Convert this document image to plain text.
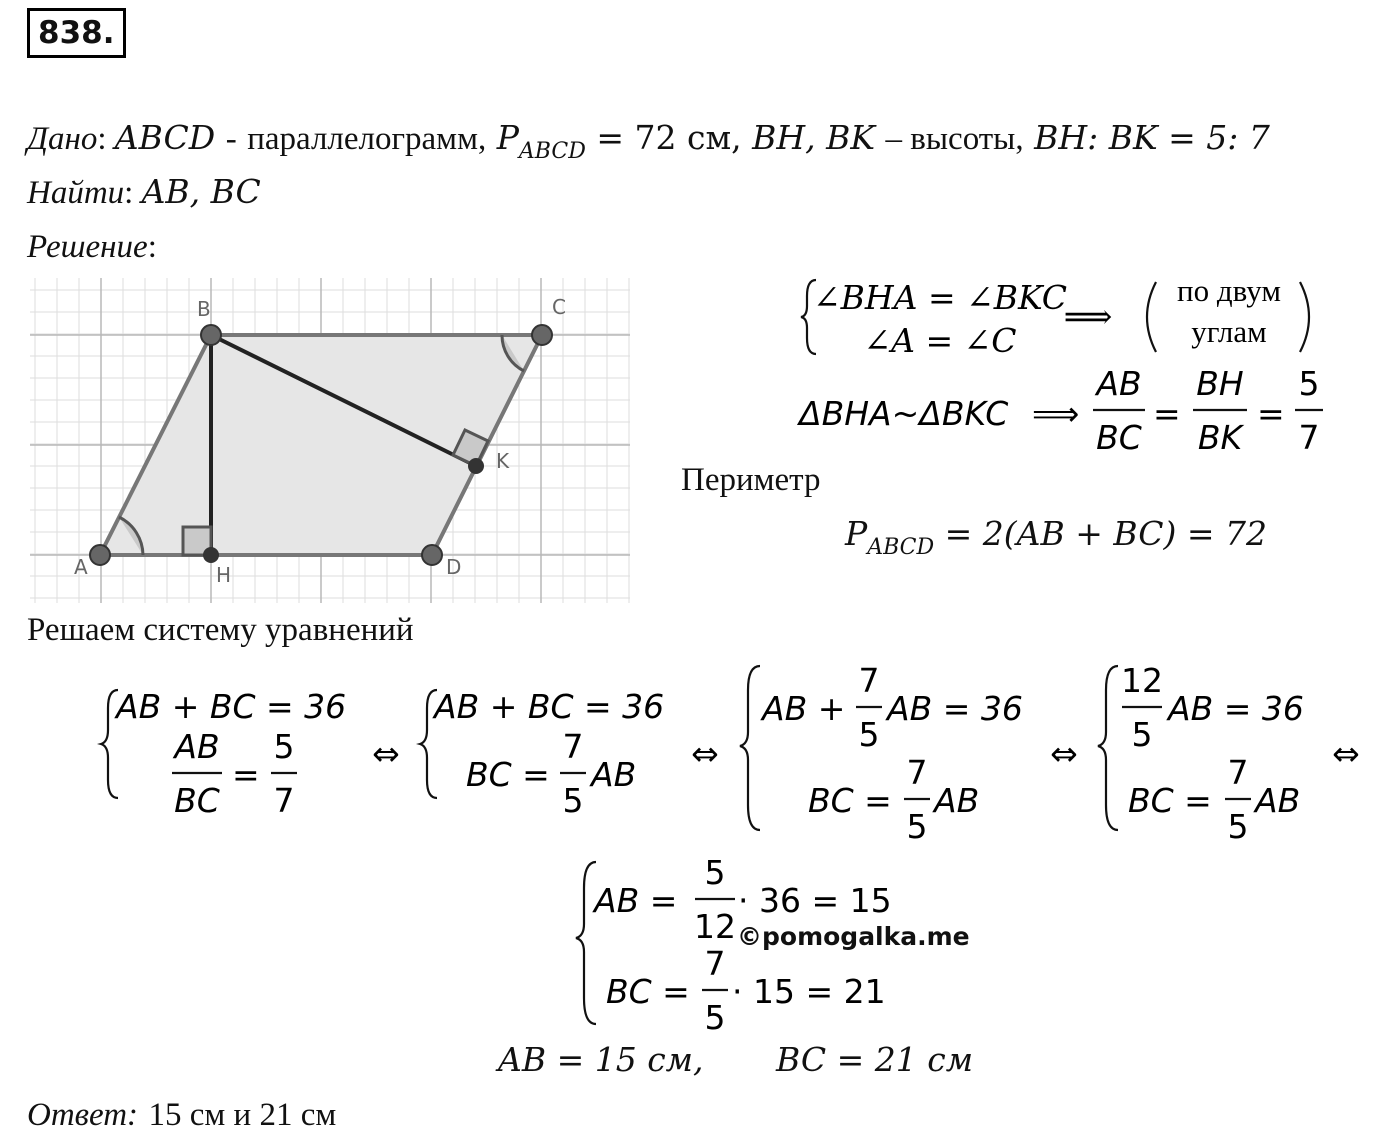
838.
Дано: ABCD - параллелограмм, $P_{ABCD} = 72$ см, BH, BK – высоты, BH: BK = 5: 7
Найти: AB, BC
Решение:
B	C
A	H	D
K
∠BHA = ∠BKC
∠A = ∠C
⟹
по двум
углам
ΔBHA~ΔBKC ⟹
AB
BC
=
BH
BK
=
5
7
Периметр
$P_{ABCD} = 2(AB + BC) = 72$
Решаем систему уравнений
AB + BC = 36
AB
BC
=
5
7
⇔
AB + BC = 36
BC =
7
5
AB
⇔
AB +
7
5
AB = 36
BC =
7
5
AB
⇔
12
5
AB = 36
BC =
7
5
AB
⇔
AB =
5
12
· 36 = 15
BC =
7
5
· 15 = 21
©pomogalka.me
AB = 15 см, BC = 21 см
Ответ: 15 см и 21 см
